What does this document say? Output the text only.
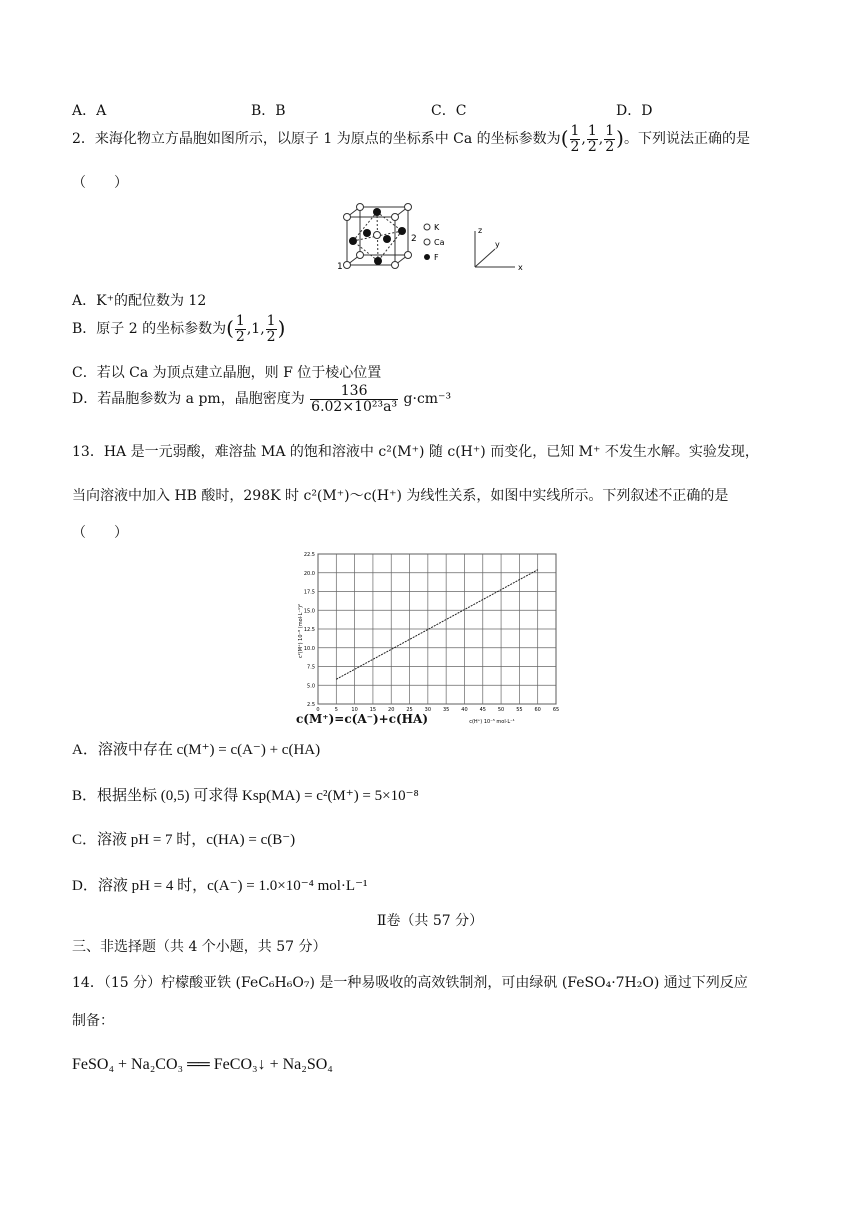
A．A	B．B	C．C	D．D
2．来海化物立方晶胞如图所示，以原子 1 为原点的坐标系中 Ca 的坐标参数为( $\frac{1}{2}$ , $\frac{1}{2}$ , $\frac{1}{2}$ )。下列说法正确的是
（　　）
1
2
K
Ca
F
z
y
x
A．K⁺的配位数为 12
B．原子 2 的坐标参数为( $\frac{1}{2} ,1$, $\frac{1}{2}$ )
C．若以 Ca 为顶点建立晶胞，则 F 位于棱心位置
D．若晶胞参数为 a pm，晶胞密度为 $\frac{136}{\text{6.02×10²³a³}} g\cdot cm^{-3}$
13．HA 是一元弱酸，难溶盐 MA 的饱和溶液中 c²(M⁺) 随 c(H⁺) 而变化，已知 M⁺ 不发生水解。实验发现，
当向溶液中加入 HB 酸时，298K 时 c²(M⁺)～c(H⁺) 为线性关系，如图中实线所示。下列叙述不正确的是
（　　）
0	5	10 15 20 25 30 35 40 45 50 55 60 65
2.5
5.0
7.5
10.0
12.5
15.0
17.5
20.0
22.5
c(H⁺) 10⁻⁵ mol·L⁻¹
c²(M⁺) 10⁻⁸ (mol·L⁻¹)²
c(M⁺)=c(A⁻)+c(HA)
A．溶液中存在 c(M⁺) = c(A⁻) + c(HA)
B．根据坐标 (0,5) 可求得 Ksp(MA) = c²(M⁺) = 5×10⁻⁸
C．溶液 pH = 7 时，c(HA) = c(B⁻)
D．溶液 pH = 4 时，c(A⁻) = 1.0×10⁻⁴ mol·L⁻¹
Ⅱ卷（共 57 分）
三、非选择题（共 4 个小题，共 57 分）
14．（15 分）柠檬酸亚铁 (FeC₆H₆O₇) 是一种易吸收的高效铁制剂，可由绿矾 (FeSO₄·7H₂O) 通过下列反应
制备：
FeSO₄ + Na₂CO₃ ══ FeCO₃↓ + Na₂SO₄
